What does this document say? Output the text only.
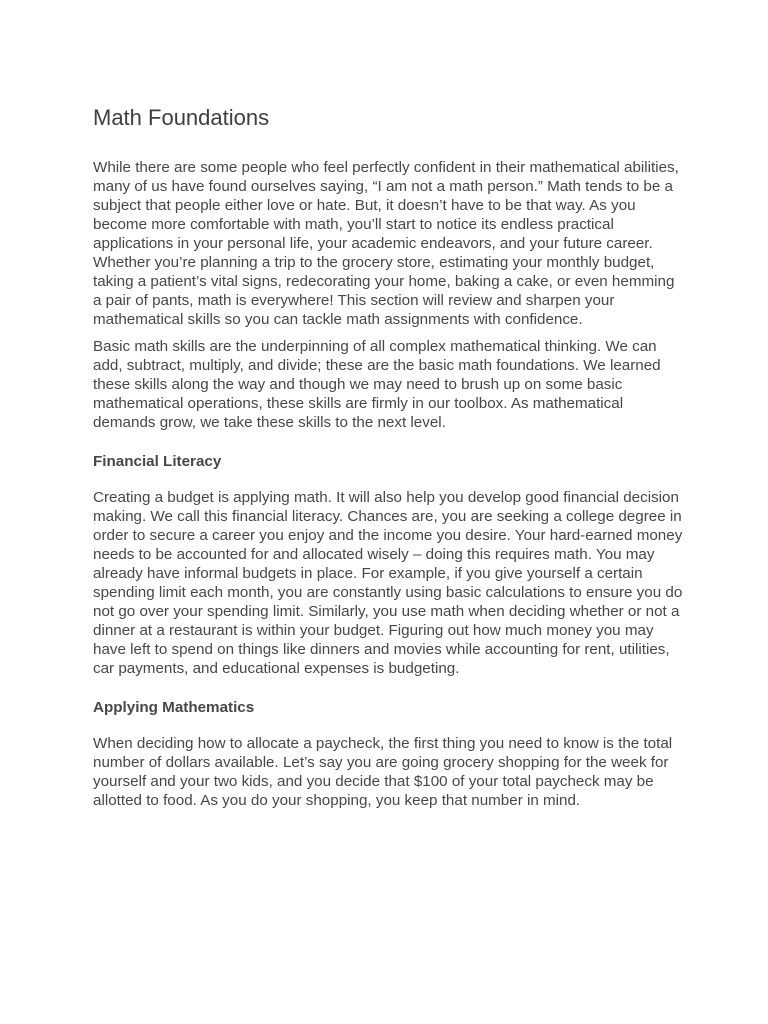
Math Foundations

While there are some people who feel perfectly confident in their mathematical abilities, many of us have found ourselves saying, “I am not a math person.” Math tends to be a subject that people either love or hate. But, it doesn’t have to be that way. As you become more comfortable with math, you’ll start to notice its endless practical applications in your personal life, your academic endeavors, and your future career. Whether you’re planning a trip to the grocery store, estimating your monthly budget, taking a patient’s vital signs, redecorating your home, baking a cake, or even hemming a pair of pants, math is everywhere! This section will review and sharpen your mathematical skills so you can tackle math assignments with confidence.

Basic math skills are the underpinning of all complex mathematical thinking. We can add, subtract, multiply, and divide; these are the basic math foundations. We learned these skills along the way and though we may need to brush up on some basic mathematical operations, these skills are firmly in our toolbox. As mathematical demands grow, we take these skills to the next level.

Financial Literacy

Creating a budget is applying math. It will also help you develop good financial decision making. We call this financial literacy. Chances are, you are seeking a college degree in order to secure a career you enjoy and the income you desire. Your hard-earned money needs to be accounted for and allocated wisely – doing this requires math. You may already have informal budgets in place. For example, if you give yourself a certain spending limit each month, you are constantly using basic calculations to ensure you do not go over your spending limit. Similarly, you use math when deciding whether or not a dinner at a restaurant is within your budget. Figuring out how much money you may have left to spend on things like dinners and movies while accounting for rent, utilities, car payments, and educational expenses is budgeting.

Applying Mathematics

When deciding how to allocate a paycheck, the first thing you need to know is the total number of dollars available. Let’s say you are going grocery shopping for the week for yourself and your two kids, and you decide that $100 of your total paycheck may be allotted to food. As you do your shopping, you keep that number in mind.
